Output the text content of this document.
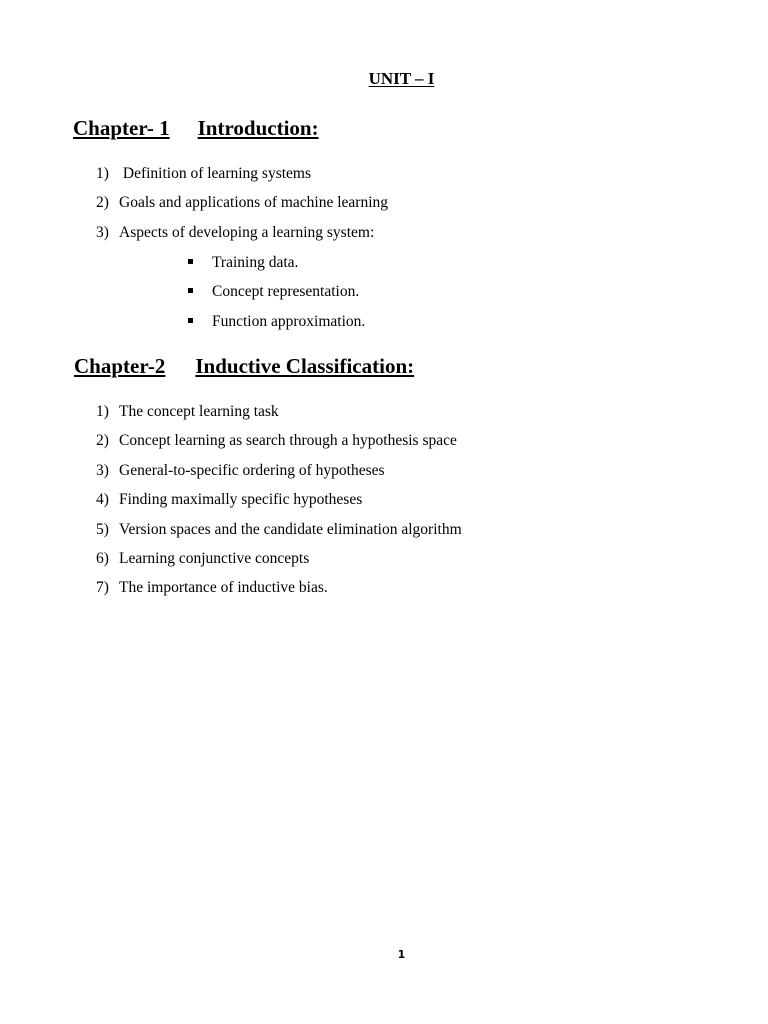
UNIT – I
Chapter- 1 Introduction:
1) Definition of learning systems
2) Goals and applications of machine learning
3) Aspects of developing a learning system:
Training data.
Concept representation.
Function approximation.
Chapter-2 Inductive Classification:
1) The concept learning task
2) Concept learning as search through a hypothesis space
3) General-to-specific ordering of hypotheses
4) Finding maximally specific hypotheses
5) Version spaces and the candidate elimination algorithm
6) Learning conjunctive concepts
7) The importance of inductive bias.
1
